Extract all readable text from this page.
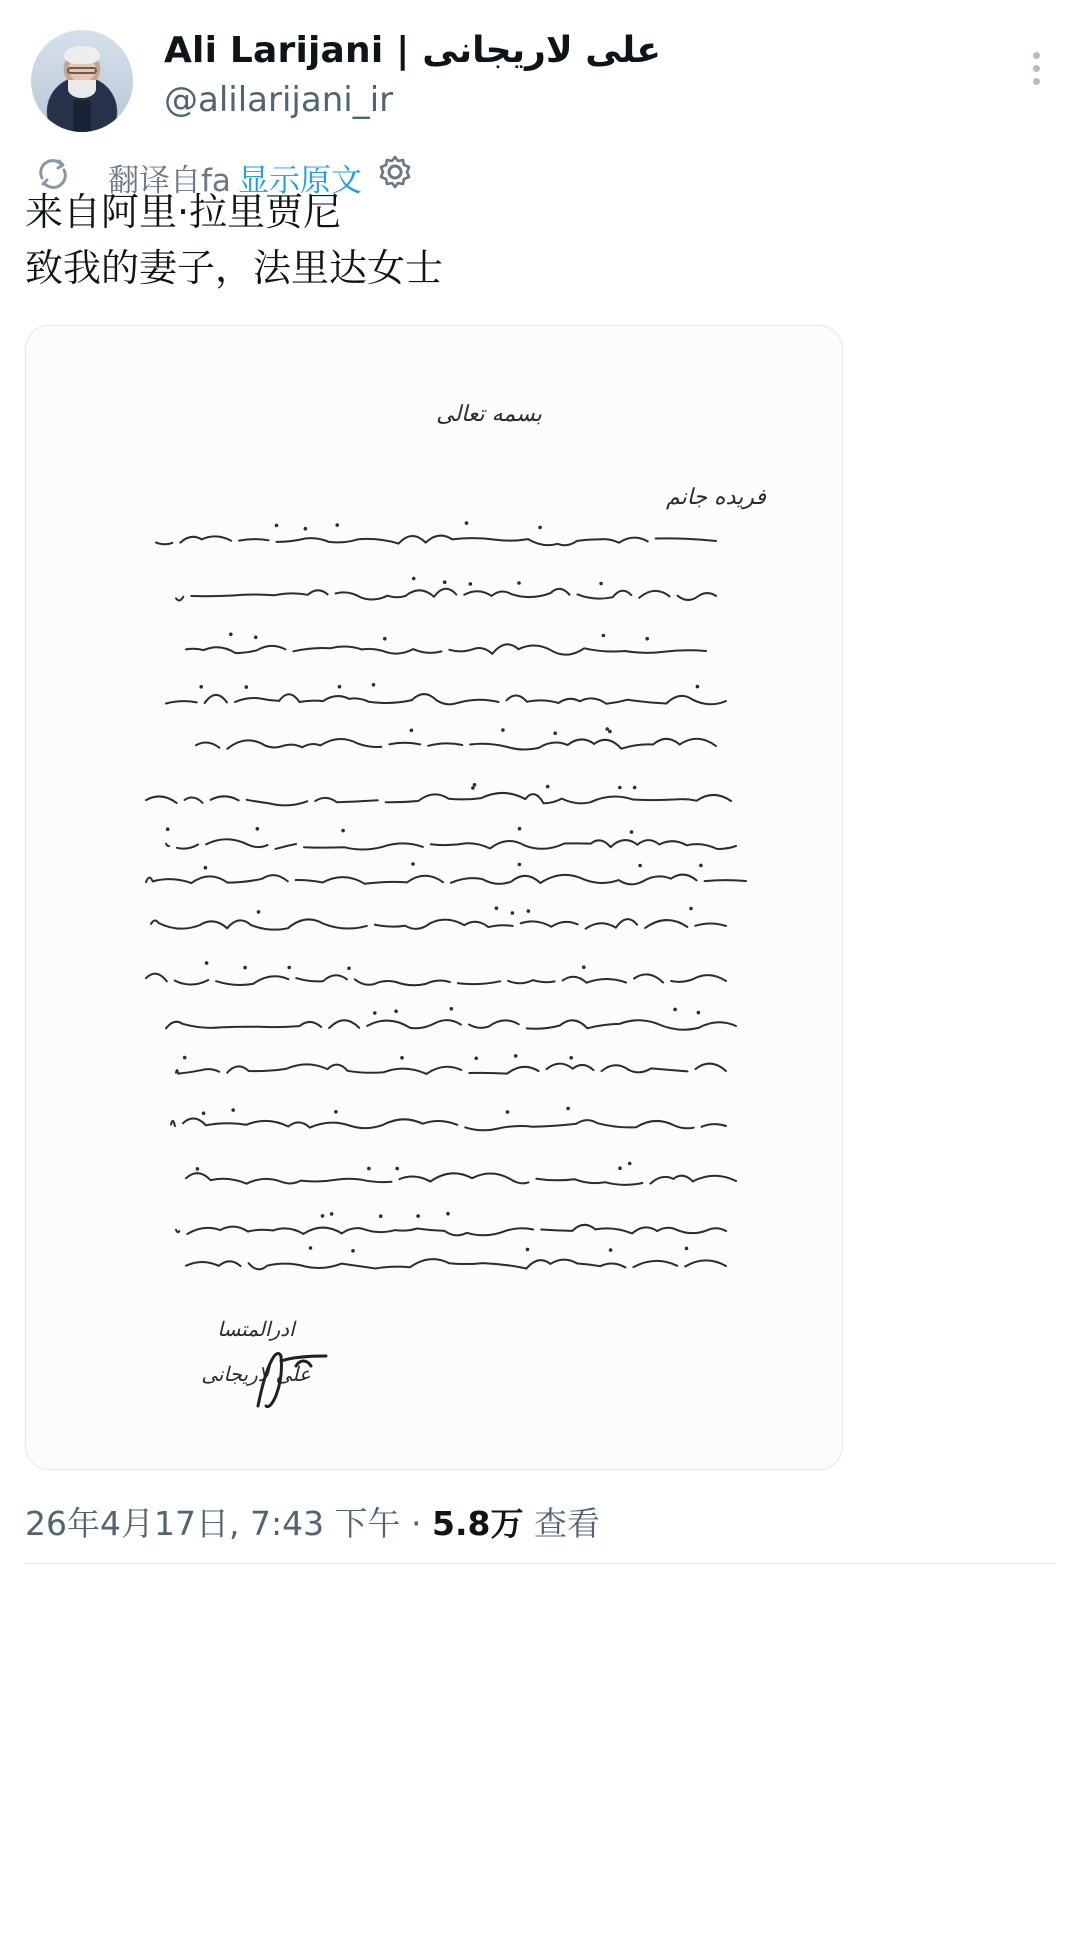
Ali Larijani | علی لاریجانی
@alilarijani_ir
翻译自fa 显示原文
来自阿里·拉里贾尼
致我的妻子，法里达女士
بسمه تعالی
فریده جانم
ادرالمتسا
علی لاریجانی
26年4月17日, 7:43 下午 · 5.8万 查看
